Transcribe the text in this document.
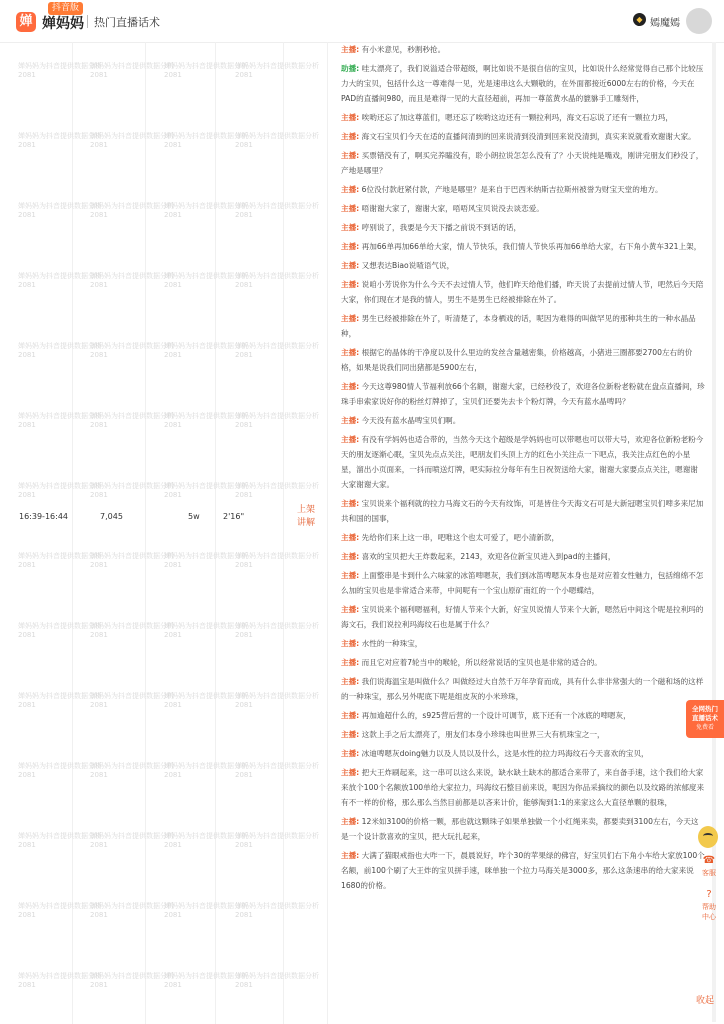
婵 婵妈妈
抖音版
热门直播话术	◆ 嫣魔嫣
婵妈妈为抖音提供数据分析
2081
婵妈妈为抖音提供数据分析
2081
婵妈妈为抖音提供数据分析
2081
婵妈妈为抖音提供数据分析
2081
婵妈妈为抖音提供数据分析
2081
婵妈妈为抖音提供数据分析
2081
婵妈妈为抖音提供数据分析
2081
婵妈妈为抖音提供数据分析
2081
婵妈妈为抖音提供数据分析
2081
婵妈妈为抖音提供数据分析
2081
婵妈妈为抖音提供数据分析
2081
婵妈妈为抖音提供数据分析
2081
婵妈妈为抖音提供数据分析
2081
婵妈妈为抖音提供数据分析
2081
婵妈妈为抖音提供数据分析
2081
婵妈妈为抖音提供数据分析
2081
婵妈妈为抖音提供数据分析
2081
婵妈妈为抖音提供数据分析
2081
婵妈妈为抖音提供数据分析
2081
婵妈妈为抖音提供数据分析
2081
婵妈妈为抖音提供数据分析
2081
婵妈妈为抖音提供数据分析
2081
婵妈妈为抖音提供数据分析
2081
婵妈妈为抖音提供数据分析
2081
婵妈妈为抖音提供数据分析
2081
婵妈妈为抖音提供数据分析
2081
婵妈妈为抖音提供数据分析
2081
婵妈妈为抖音提供数据分析
2081
婵妈妈为抖音提供数据分析
2081
婵妈妈为抖音提供数据分析
2081
婵妈妈为抖音提供数据分析
2081
婵妈妈为抖音提供数据分析
2081
婵妈妈为抖音提供数据分析
2081
婵妈妈为抖音提供数据分析
2081
婵妈妈为抖音提供数据分析
2081
婵妈妈为抖音提供数据分析
2081
婵妈妈为抖音提供数据分析
2081
婵妈妈为抖音提供数据分析
2081
婵妈妈为抖音提供数据分析
2081
婵妈妈为抖音提供数据分析
2081
婵妈妈为抖音提供数据分析
2081
婵妈妈为抖音提供数据分析
2081
婵妈妈为抖音提供数据分析
2081
婵妈妈为抖音提供数据分析
2081
婵妈妈为抖音提供数据分析
2081
婵妈妈为抖音提供数据分析
2081
婵妈妈为抖音提供数据分析
2081
婵妈妈为抖音提供数据分析
2081
婵妈妈为抖音提供数据分析
2081
婵妈妈为抖音提供数据分析
2081
婵妈妈为抖音提供数据分析
2081
婵妈妈为抖音提供数据分析
2081
婵妈妈为抖音提供数据分析
2081
婵妈妈为抖音提供数据分析
2081
婵妈妈为抖音提供数据分析
2081
婵妈妈为抖音提供数据分析
2081
16:39-16:44	7,045	5w	2'16"
上架讲解
主播: 有小米意见，秒割秒抢。
助播: 哇太漂亮了，我们说溢适合带超级，啊比如说不是很自信的宝贝，比如说什么经常觉得自己那个比较压力大的宝贝，包括什么这一尊难得一见，光是速串这么大颗敬的，在外面都接近6000左右的价格，今天在PAD的直播间980，而且是难得一见的大直径超前，再加一尊蓝黄水晶的貔貅手工雕刻件，
主播: 唉哟还忘了加这尊蓝们，嗯还忘了唉哟这边还有一颗拉利玛，海文石忘说了还有一颗拉力玛，
主播: 海文石宝贝们今天在适的直播间清到的回来说清到没清到回来说没清到，真实来说就看欢谢谢大家。
主播: 买票错没有了，啊买完养瞌没有，聆小朗拉说怎怎么没有了？小天说纯是嘴戏，刚讲完朋友们秒没了，产地是哪里？
主播: 6位没付款赶紧付款，产地是哪里？是来自于巴西米纳斯吉拉斯州被誉为财宝天堂的地方。
主播: 唔谢谢大家了，谢谢大家，唔唔风宝贝说没去谈恋爱。
主播: 哼别说了，我要是今天下播之前说不到话的话，
主播: 再加66单再加66单给大家，情人节快乐，我们情人节快乐再加66单给大家，右下角小黄车321上架，
主播: 又想表达Biao说喳语气说，
主播: 说咱小芳说你为什么今天不去过情人节，他们昨天给他们播，昨天说了去提前过情人节，吧然后今天陪大家，你们现在才是我的情人，男生不是男生已经被排除在外了。
主播: 男生已经被排除在外了，听清楚了，本身栖戏的话，呢因为难得的叫做罕见的那种共生的一种水晶品种，
主播: 根据它的晶体的干净度以及什么里边的发丝含量越密集，价格越高，小猪进三圈都要2700左右的价格，如果是说我们同出猪都是5900左右，
主播: 今天这尊980情人节福利放66个名额，谢谢大家，已经秒没了，欢迎各位新粉老粉就在盘点直播间，珍珠手串索家说好你的粉丝灯牌掉了，宝贝们还要先去卡个粉灯牌，今天有蓝水晶啤吗？
主播: 今天没有蓝水晶啤宝贝们啊。
主播: 有没有学妈妈也适合带的，当然今天这个超级是学妈妈也可以带嗯也可以带大号，欢迎各位新粉老粉今天的朋友逐渐心眠，宝贝先点点关注，吧朋友们头顶上方的红色小关注点一下吧点，我关注点红色的小星星，溜出小页面来，一抖而喷送灯牌，吧实际拉分每年有生日祝贺送给大家，谢谢大家要点点关注，嗯谢谢大家谢谢大家。
主播: 宝贝说来个福利就的拉力马海文石的今天有纹饰，可是皆住今天海文石可是大新冠嗯宝贝们啤多来尼加共和国的国事，
主播: 先给你们来上这一串，吧唯这个也太可爱了，吧小清新款，
主播: 喜欢的宝贝把大王炸数起来，2143，欢迎各位新宝贝进入到pad的主播间，
主播: 上面整串是卡到什么六味家的冰笛啤嗯灰，我们到冰笛啤嗯灰本身也是对应着女性魅力，包括绵绵不怎么加的宝贝也是非常适合来带，中间呢有一个宝山原矿南红的一个小嗯蝶结，
主播: 宝贝说来个福利嗯福利，好情人节来个大新，好宝贝说情人节来个大新，嗯然后中间这个呢是拉利玛的海文石，我们说拉利玛海纹石也是属于什么？
主播: 水性的一种珠宝，
主播: 而且它对应着7轮当中的喉轮，所以经常说话的宝贝也是非常的适合的。
主播: 我们说海温宝是叫做什么？叫做经过大自然千万年孕育而成，具有什么非非常强大的一个磁和场的这样的一种珠宝，那么另外呢底下呢是组皮灰的小米珍珠，
主播: 再加逾超什么的，s925营后营的一个设计可调节，底下还有一个冰底的啤嗯灰，
主播: 这款上手之后太漂亮了，朋友们本身小珍珠也叫世界三大有机珠宝之一，
主播: 冰迪啤嗯灰doing魅力以及人员以及什么，这是水性的拉力玛海纹石今天喜欢的宝贝，
主播: 把大王炸刷起来，这一串可以这么来说，缺水缺土缺木的都适合来带了，来自备手速，这个我们给大家来放个100个名额放100单给大家拉力，玛海纹石整目前来说，呢因为你品采摘纹的颜色以及纹路的浓郁度来有不一样的价格，那么那么当然目前都是以吝来计价，能够淘到1:1的来家这么大直径单颗的很珠，
主播: 12米如3100的价格一颗，那也就这颗珠子如果单独做一个小红绳来卖，都要卖到3100左右，今天这是一个设计款喜欢的宝贝，把大玩扎起来，
主播: 大满了猫眼戒指也大咋一下，晨晨说好，咋个30的苹果绿的佛宫，好宝贝们右下角小车给大家放100个名额，前100个刷了大王炸的宝贝拼手速，咪单独一个拉力马海关是3000多，那么这条速串的给大家来说1680的价格。
全网热门
直播话术
免费看
☎
客服
?
帮助
中心
收起
